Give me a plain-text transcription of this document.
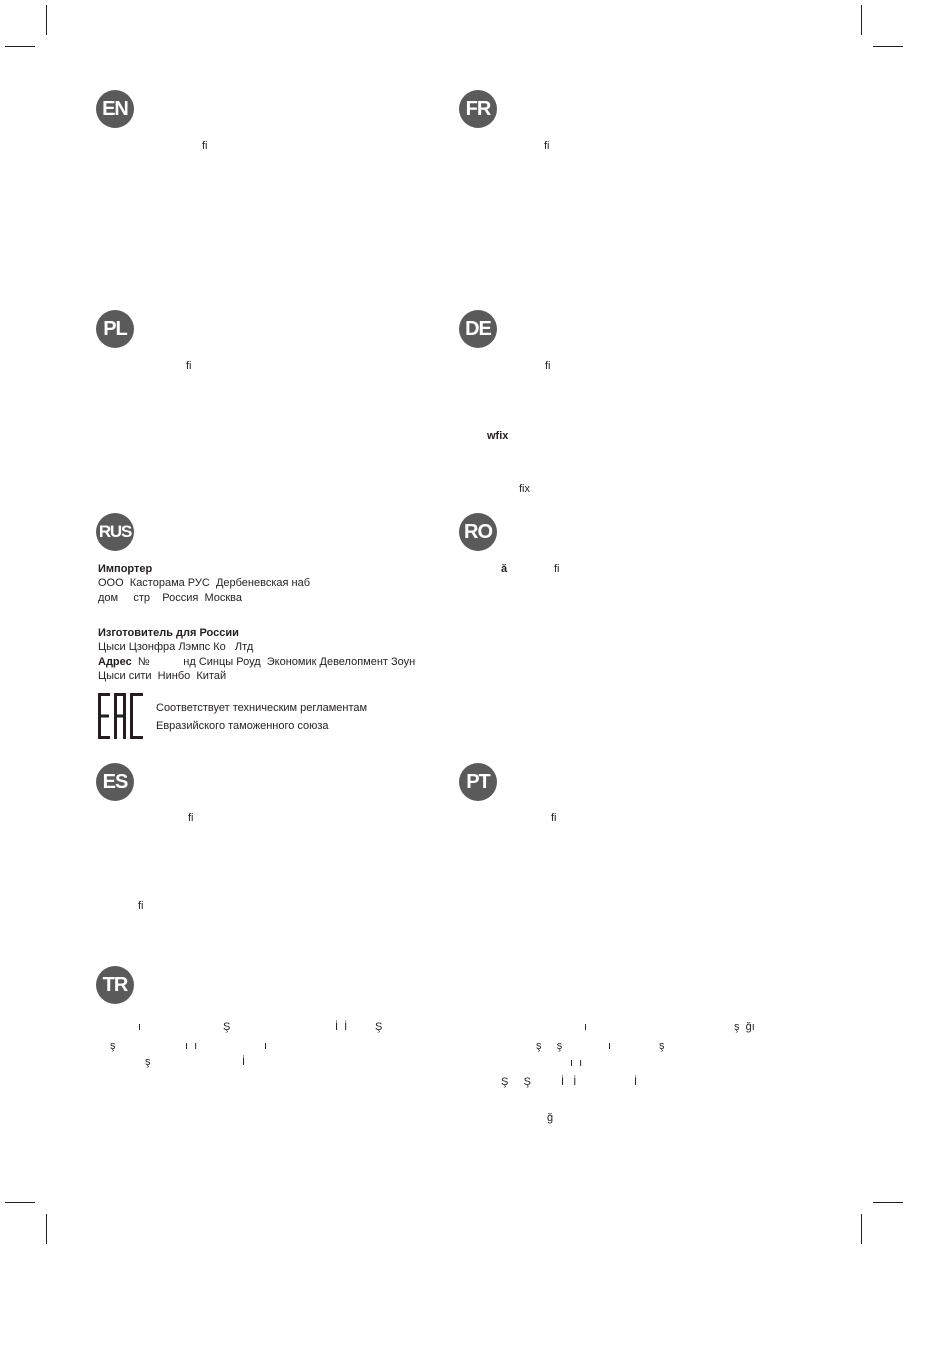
EN
fi
FR
fi
PL
fi
DE
fi
wfix
fix
RUS
Импортер
ООО  Касторама РУС  Дербеневская наб
дом     стр    Россия  Москва
Изготовитель для России
Цыси Цзонфра Лэмпс Ко   Лтд
Адрес  №           нд Синцы Роуд  Экономик Девелопмент Зоун
Цыси сити  Нинбо  Китай
Соответствует техническим регламентам
Евразийского таможенного союза
RO
ă	fi
ES
fi
fi
PT
fi
TR
ı	Ş	İ  İ	Ş
ş	ı  ı	ı
ş	İ
ı	ş  ğı
ş     ş	ı	ş
ı  ı
Ş     Ş	İ   İ	İ
ğ
